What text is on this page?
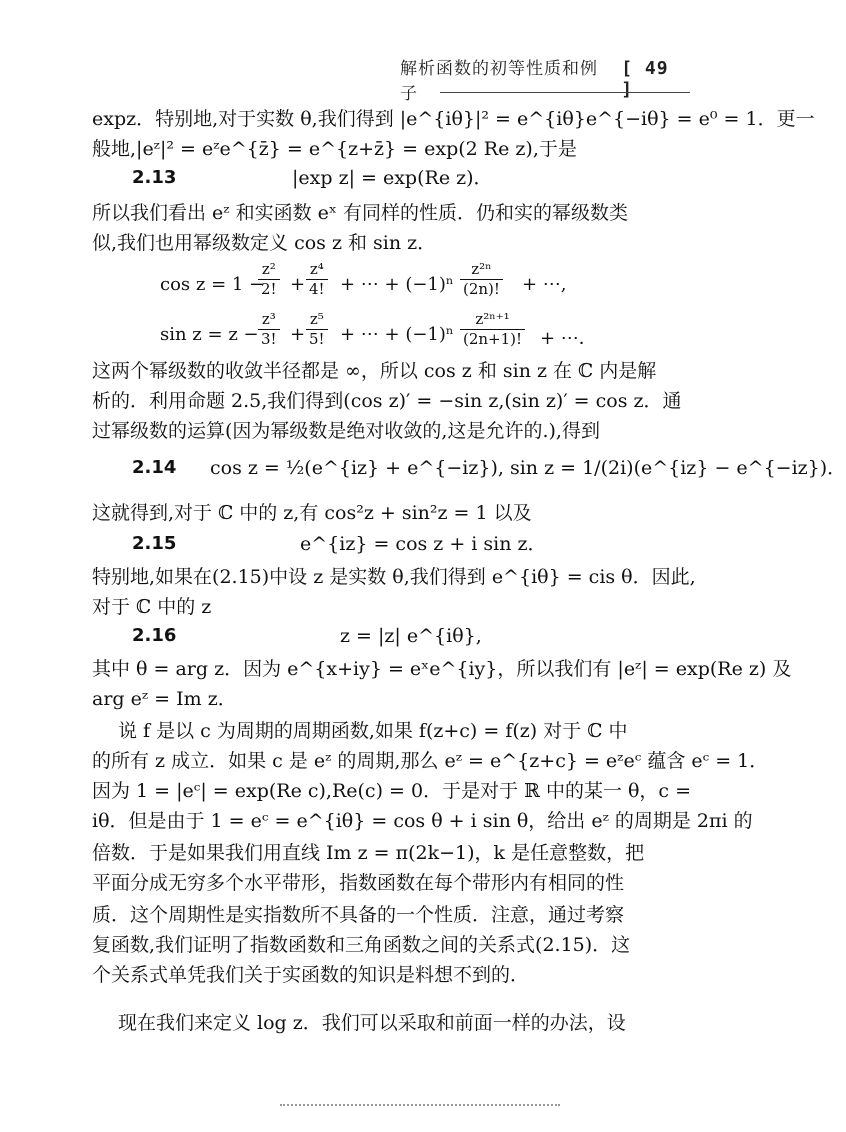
解析函数的初等性质和例子
[ 49 ]
expz．特别地,对于实数 θ,我们得到 |e^{iθ}|² = e^{iθ}e^{−iθ} = e⁰ = 1．更一
般地,|eᶻ|² = eᶻe^{z̄} = e^{z+z̄} = exp(2 Re z),于是
2.13	|exp z| = exp(Re z)．
所以我们看出 eᶻ 和实函数 eˣ 有同样的性质．仍和实的幂级数类
似,我们也用幂级数定义 cos z 和 sin z．
cos z = 1 −
z²
2! +
z⁴
4! + ⋯ + (−1)ⁿ
z²ⁿ
(2n)! + ⋯,
sin z = z −
z³
3! +
z⁵
5! + ⋯ + (−1)ⁿ
z²ⁿ⁺¹
(2n+1)! + ⋯．
这两个幂级数的收敛半径都是 ∞，所以 cos z 和 sin z 在 ℂ 内是解
析的．利用命题 2.5,我们得到(cos z)′ = −sin z,(sin z)′ = cos z．通
过幂级数的运算(因为幂级数是绝对收敛的,这是允许的.),得到
2.14 cos z = ½(e^{iz} + e^{−iz}), sin z = 1/(2i)(e^{iz} − e^{−iz})．
这就得到,对于 ℂ 中的 z,有 cos²z + sin²z = 1 以及
2.15	e^{iz} = cos z + i sin z．
特别地,如果在(2.15)中设 z 是实数 θ,我们得到 e^{iθ} = cis θ．因此,
对于 ℂ 中的 z
2.16	z = |z| e^{iθ},
其中 θ = arg z．因为 e^{x+iy} = eˣe^{iy}，所以我们有 |eᶻ| = exp(Re z) 及
arg eᶻ = Im z．
说 f 是以 c 为周期的周期函数,如果 f(z+c) = f(z) 对于 ℂ 中
的所有 z 成立．如果 c 是 eᶻ 的周期,那么 eᶻ = e^{z+c} = eᶻeᶜ 蕴含 eᶜ = 1．
因为 1 = |eᶜ| = exp(Re c),Re(c) = 0．于是对于 ℝ 中的某一 θ，c =
iθ．但是由于 1 = eᶜ = e^{iθ} = cos θ + i sin θ，给出 eᶻ 的周期是 2πi 的
倍数．于是如果我们用直线 Im z = π(2k−1)，k 是任意整数，把
平面分成无穷多个水平带形，指数函数在每个带形内有相同的性
质．这个周期性是实指数所不具备的一个性质．注意，通过考察
复函数,我们证明了指数函数和三角函数之间的关系式(2.15)．这
个关系式单凭我们关于实函数的知识是料想不到的．
现在我们来定义 log z．我们可以采取和前面一样的办法，设
